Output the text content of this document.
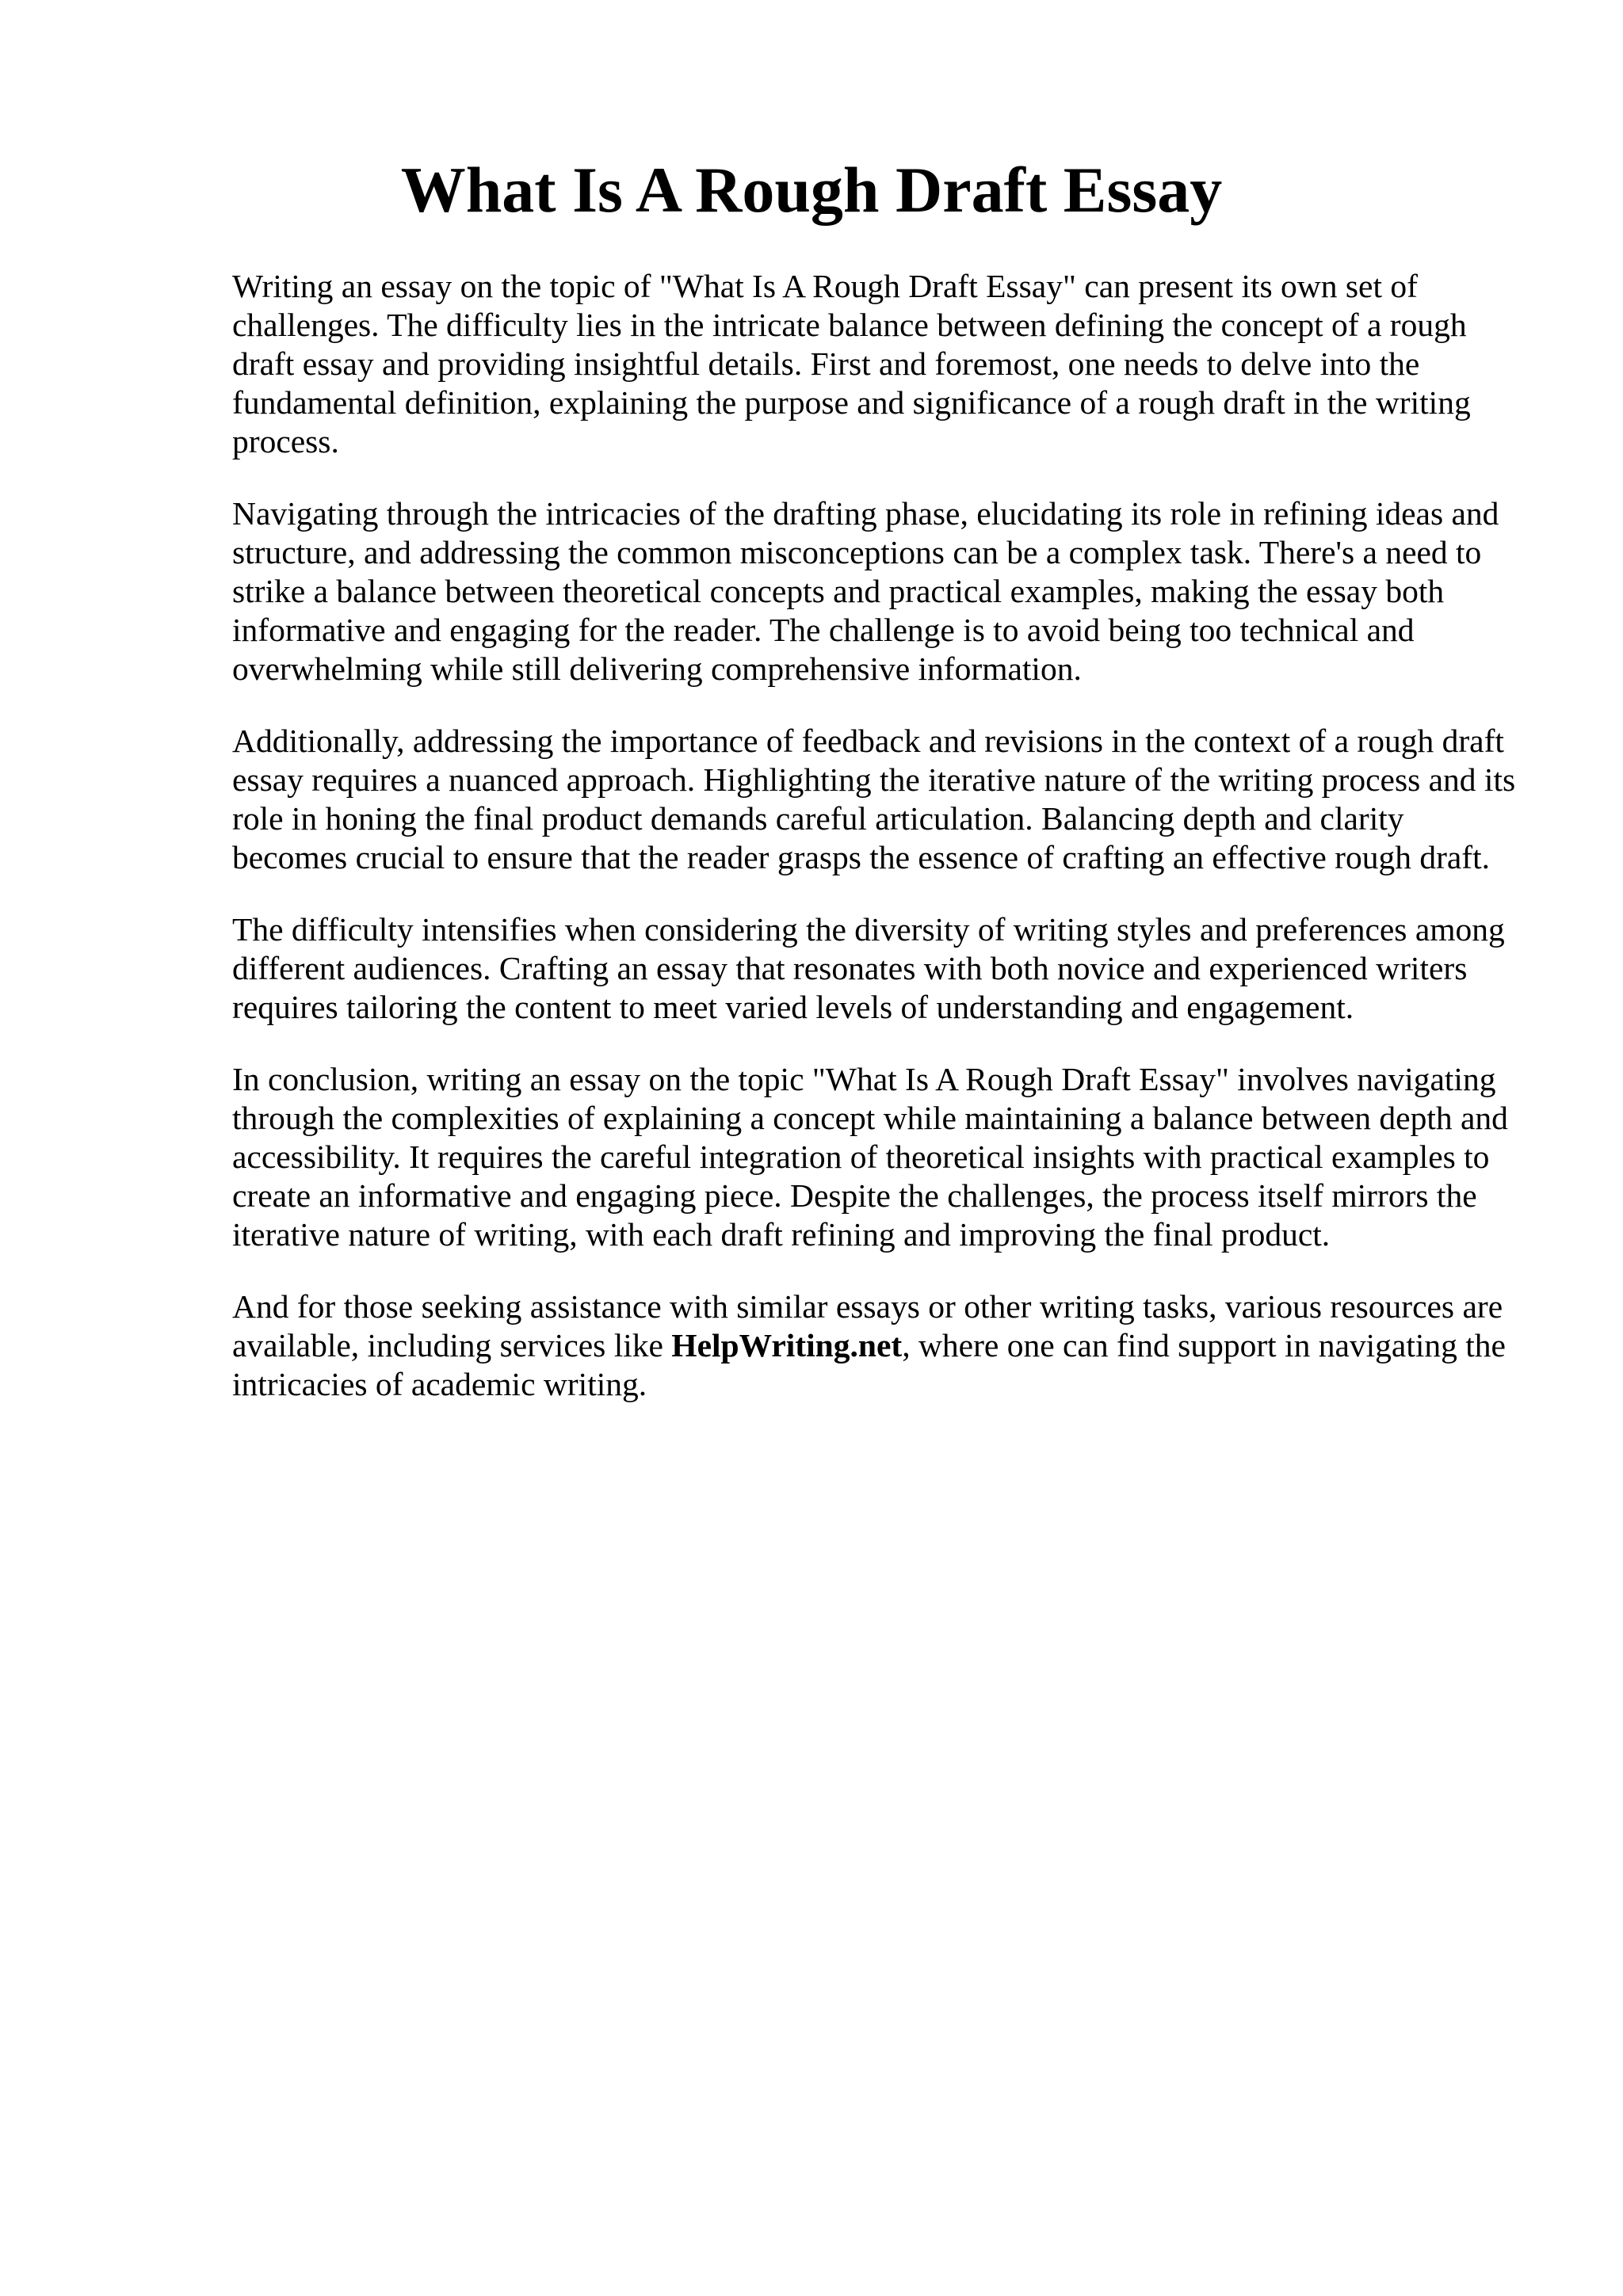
What Is A Rough Draft Essay

Writing an essay on the topic of "What Is A Rough Draft Essay" can present its own set of challenges. The difficulty lies in the intricate balance between defining the concept of a rough draft essay and providing insightful details. First and foremost, one needs to delve into the fundamental definition, explaining the purpose and significance of a rough draft in the writing process.

Navigating through the intricacies of the drafting phase, elucidating its role in refining ideas and structure, and addressing the common misconceptions can be a complex task. There's a need to strike a balance between theoretical concepts and practical examples, making the essay both informative and engaging for the reader. The challenge is to avoid being too technical and overwhelming while still delivering comprehensive information.

Additionally, addressing the importance of feedback and revisions in the context of a rough draft essay requires a nuanced approach. Highlighting the iterative nature of the writing process and its role in honing the final product demands careful articulation. Balancing depth and clarity becomes crucial to ensure that the reader grasps the essence of crafting an effective rough draft.

The difficulty intensifies when considering the diversity of writing styles and preferences among different audiences. Crafting an essay that resonates with both novice and experienced writers requires tailoring the content to meet varied levels of understanding and engagement.

In conclusion, writing an essay on the topic "What Is A Rough Draft Essay" involves navigating through the complexities of explaining a concept while maintaining a balance between depth and accessibility. It requires the careful integration of theoretical insights with practical examples to create an informative and engaging piece. Despite the challenges, the process itself mirrors the iterative nature of writing, with each draft refining and improving the final product.

And for those seeking assistance with similar essays or other writing tasks, various resources are available, including services like HelpWriting.net, where one can find support in navigating the intricacies of academic writing.
